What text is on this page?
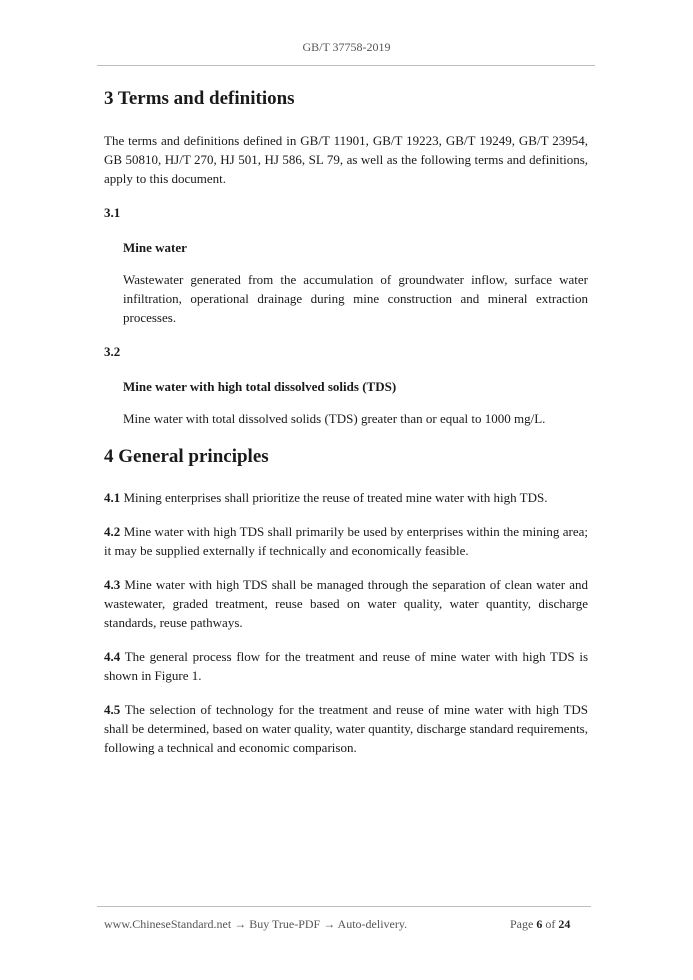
GB/T 37758-2019
3 Terms and definitions

The terms and definitions defined in GB/T 11901, GB/T 19223, GB/T 19249, GB/T 23954, GB 50810, HJ/T 270, HJ 501, HJ 586, SL 79, as well as the following terms and definitions, apply to this document.

3.1

Mine water

Wastewater generated from the accumulation of groundwater inflow, surface water infiltration, operational drainage during mine construction and mineral extraction processes.

3.2

Mine water with high total dissolved solids (TDS)

Mine water with total dissolved solids (TDS) greater than or equal to 1000 mg/L.

4 General principles

4.1 Mining enterprises shall prioritize the reuse of treated mine water with high TDS.

4.2 Mine water with high TDS shall primarily be used by enterprises within the mining area; it may be supplied externally if technically and economically feasible.

4.3 Mine water with high TDS shall be managed through the separation of clean water and wastewater, graded treatment, reuse based on water quality, water quantity, discharge standards, reuse pathways.

4.4 The general process flow for the treatment and reuse of mine water with high TDS is shown in Figure 1.

4.5 The selection of technology for the treatment and reuse of mine water with high TDS shall be determined, based on water quality, water quantity, discharge standard requirements, following a technical and economic comparison.

www.ChineseStandard.net → Buy True-PDF → Auto-delivery.	Page 6 of 24
